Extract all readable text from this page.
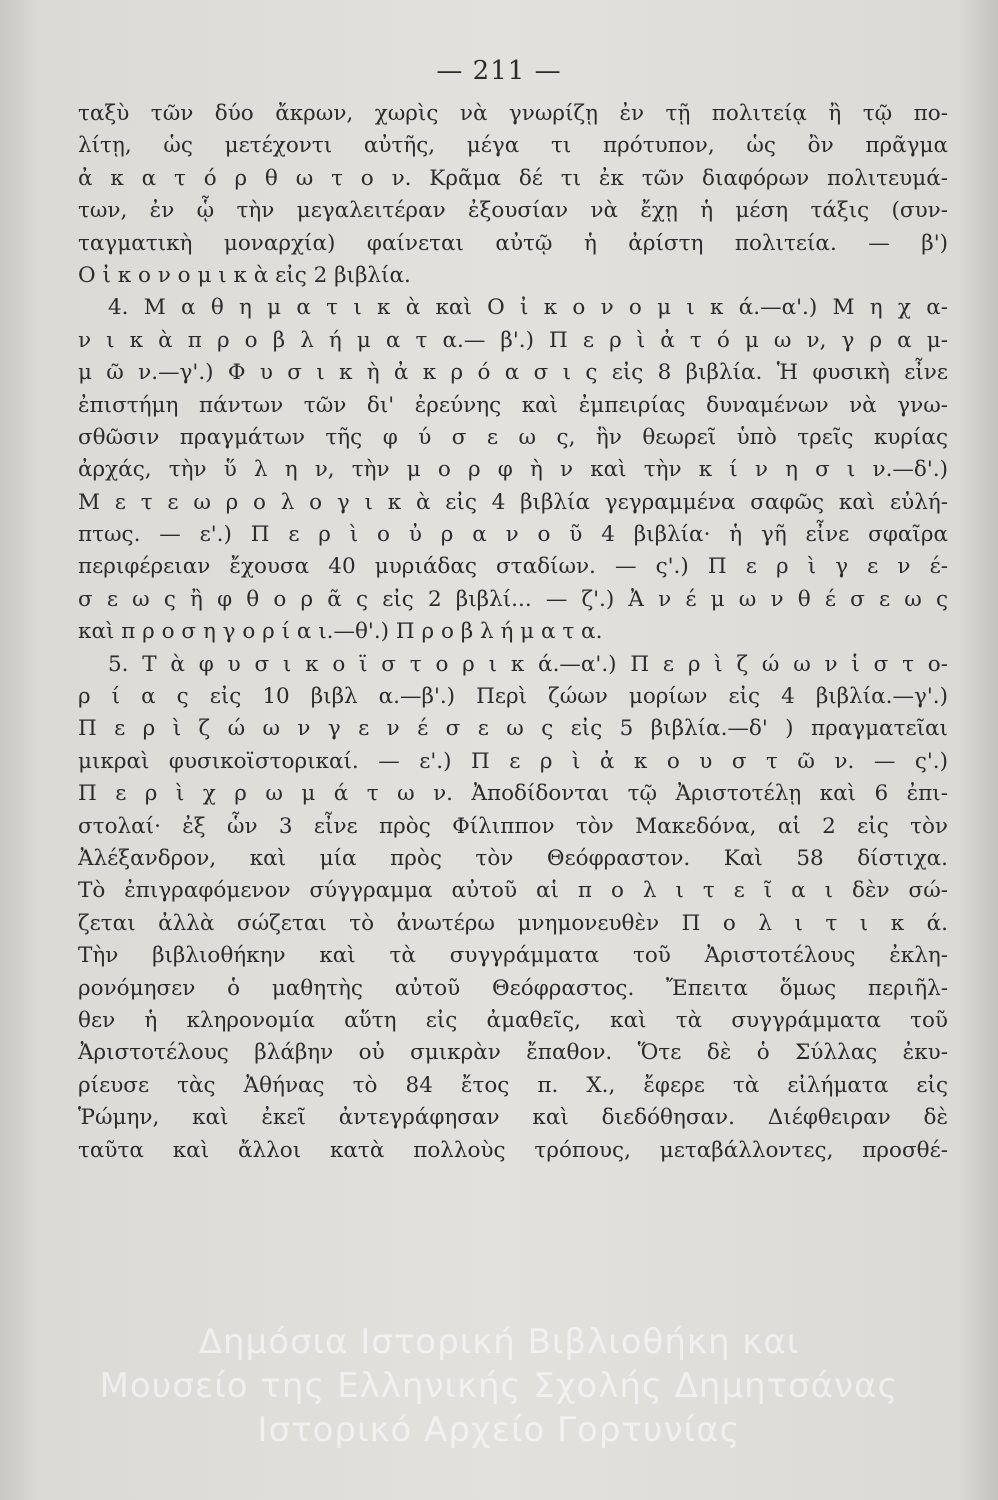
— 211 —
ταξὺ τῶν δύο ἄκρων, χωρὶς νὰ γνωρίζῃ ἐν τῇ πολιτείᾳ ἢ τῷ πο-
λίτῃ, ὡς μετέχοντι αὐτῆς, μέγα τι πρότυπον, ὡς ὂν πρᾶγμα
ἀ κ α τ ό ρ θ ω τ ο ν. Κρᾶμα δέ τι ἐκ τῶν διαφόρων πολιτευμά-
των, ἐν ᾧ τὴν μεγαλειτέραν ἐξουσίαν νὰ ἔχῃ ἡ μέση τάξις (συν-
ταγματικὴ μοναρχία) φαίνεται αὐτῷ ἡ ἀρίστη πολιτεία. — β')
Ο ἰ κ ο ν ο μ ι κ ὰ εἰς 2 βιβλία.
4. Μ α θ η μ α τ ι κ ὰ καὶ Ο ἰ κ ο ν ο μ ι κ ά.—α'.) Μ η χ α-
ν ι κ ὰ π ρ ο β λ ή μ α τ α.— β'.) Π ε ρ ὶ ἀ τ ό μ ω ν, γ ρ α μ-
μ ῶ ν.—γ'.) Φ υ σ ι κ ὴ ἀ κ ρ ό α σ ι ς εἰς 8 βιβλία. Ἡ φυσικὴ εἶνε
ἐπιστήμη πάντων τῶν δι' ἐρεύνης καὶ ἐμπειρίας δυναμένων νὰ γνω-
σθῶσιν πραγμάτων τῆς φ ύ σ ε ω ς, ἣν θεωρεῖ ὑπὸ τρεῖς κυρίας
ἀρχάς, τὴν ὕ λ η ν, τὴν μ ο ρ φ ὴ ν καὶ τὴν κ ί ν η σ ι ν.—δ'.)
Μ ε τ ε ω ρ ο λ ο γ ι κ ὰ εἰς 4 βιβλία γεγραμμένα σαφῶς καὶ εὐλή-
πτως. — ε'.) Π ε ρ ὶ ο ὐ ρ α ν ο ῦ 4 βιβλία· ἡ γῆ εἶνε σφαῖρα
περιφέρειαν ἔχουσα 40 μυριάδας σταδίων. — ς'.) Π ε ρ ὶ γ ε ν έ-
σ ε ω ς ἢ φ θ ο ρ ᾶ ς εἰς 2 βιβλί... — ζ'.) Ἀ ν έ μ ω ν θ έ σ ε ω ς
καὶ π ρ ο σ η γ ο ρ ί α ι.—θ'.) Π ρ ο β λ ή μ α τ α.
5. Τ ὰ φ υ σ ι κ ο ϊ σ τ ο ρ ι κ ά.—α'.) Π ε ρ ὶ ζ ώ ω ν ἱ σ τ ο-
ρ ί α ς εἰς 10 βιβλ α.—β'.) Περὶ ζώων μορίων εἰς 4 βιβλία.—γ'.)
Π ε ρ ὶ ζ ώ ω ν γ ε ν έ σ ε ω ς εἰς 5 βιβλία.—δ' ) πραγματεῖαι
μικραὶ φυσικοϊστορικαί. — ε'.) Π ε ρ ὶ ἀ κ ο υ σ τ ῶ ν. — ς'.)
Π ε ρ ὶ χ ρ ω μ ά τ ω ν. Ἀποδίδονται τῷ Ἀριστοτέλῃ καὶ 6 ἐπι-
στολαί· ἐξ ὧν 3 εἶνε πρὸς Φίλιππον τὸν Μακεδόνα, αἱ 2 εἰς τὸν
Ἀλέξανδρον, καὶ μία πρὸς τὸν Θεόφραστον. Καὶ 58 δίστιχα.
Τὸ ἐπιγραφόμενον σύγγραμμα αὐτοῦ αἱ π ο λ ι τ ε ῖ α ι δὲν σώ-
ζεται ἀλλὰ σώζεται τὸ ἀνωτέρω μνημονευθὲν Π ο λ ι τ ι κ ά.
Τὴν βιβλιοθήκην καὶ τὰ συγγράμματα τοῦ Ἀριστοτέλους ἐκλη-
ρονόμησεν ὁ μαθητὴς αὐτοῦ Θεόφραστος. Ἔπειτα ὅμως περιῆλ-
θεν ἡ κληρονομία αὕτη εἰς ἀμαθεῖς, καὶ τὰ συγγράμματα τοῦ
Ἀριστοτέλους βλάβην οὐ σμικρὰν ἔπαθον. Ὅτε δὲ ὁ Σύλλας ἐκυ-
ρίευσε τὰς Ἀθήνας τὸ 84 ἔτος π. Χ., ἔφερε τὰ εἰλήματα εἰς
Ῥώμην, καὶ ἐκεῖ ἀντεγράφησαν καὶ διεδόθησαν. Διέφθειραν δὲ
ταῦτα καὶ ἄλλοι κατὰ πολλοὺς τρόπους, μεταβάλλοντες, προσθέ-
Δημόσια Ιστορική Βιβλιοθήκη και
Μουσείο της Ελληνικής Σχολής Δημητσάνας
Ιστορικό Αρχείο Γορτυνίας
